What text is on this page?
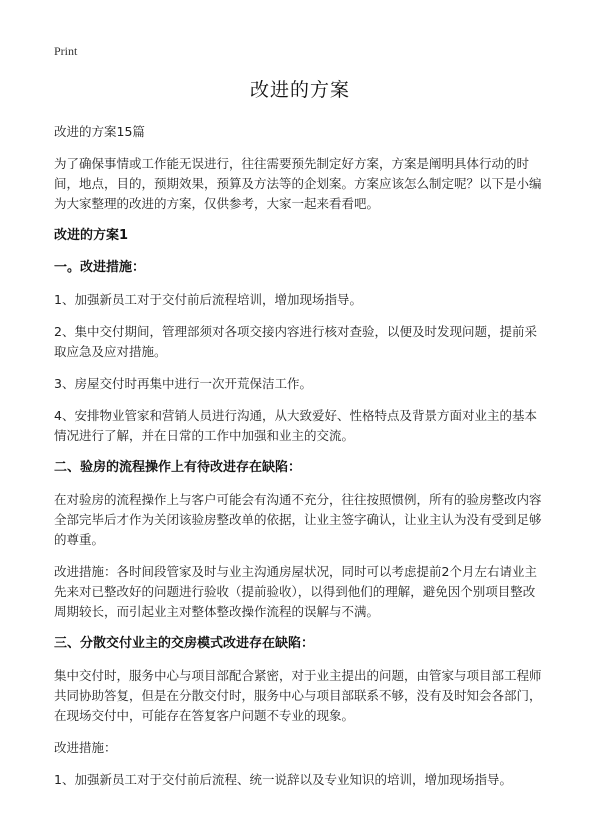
Print
改进的方案
改进的方案15篇
为了确保事情或工作能无误进行，往往需要预先制定好方案，方案是阐明具体行动的时间，地点，目的，预期效果，预算及方法等的企划案。方案应该怎么制定呢？以下是小编为大家整理的改进的方案，仅供参考，大家一起来看看吧。
改进的方案1
一。改进措施：
1、加强新员工对于交付前后流程培训，增加现场指导。
2、集中交付期间，管理部须对各项交接内容进行核对查验，以便及时发现问题，提前采取应急及应对措施。
3、房屋交付时再集中进行一次开荒保洁工作。
4、安排物业管家和营销人员进行沟通，从大致爱好、性格特点及背景方面对业主的基本情况进行了解，并在日常的工作中加强和业主的交流。
二、验房的流程操作上有待改进存在缺陷：
在对验房的流程操作上与客户可能会有沟通不充分，往往按照惯例，所有的验房整改内容全部完毕后才作为关闭该验房整改单的依据，让业主签字确认，让业主认为没有受到足够的尊重。
改进措施：各时间段管家及时与业主沟通房屋状况，同时可以考虑提前2个月左右请业主先来对已整改好的问题进行验收（提前验收），以得到他们的理解，避免因个别项目整改周期较长，而引起业主对整体整改操作流程的误解与不满。
三、分散交付业主的交房模式改进存在缺陷：
集中交付时，服务中心与项目部配合紧密，对于业主提出的问题，由管家与项目部工程师共同协助答复，但是在分散交付时，服务中心与项目部联系不够，没有及时知会各部门，在现场交付中，可能存在答复客户问题不专业的现象。
改进措施：
1、加强新员工对于交付前后流程、统一说辞以及专业知识的培训，增加现场指导。
